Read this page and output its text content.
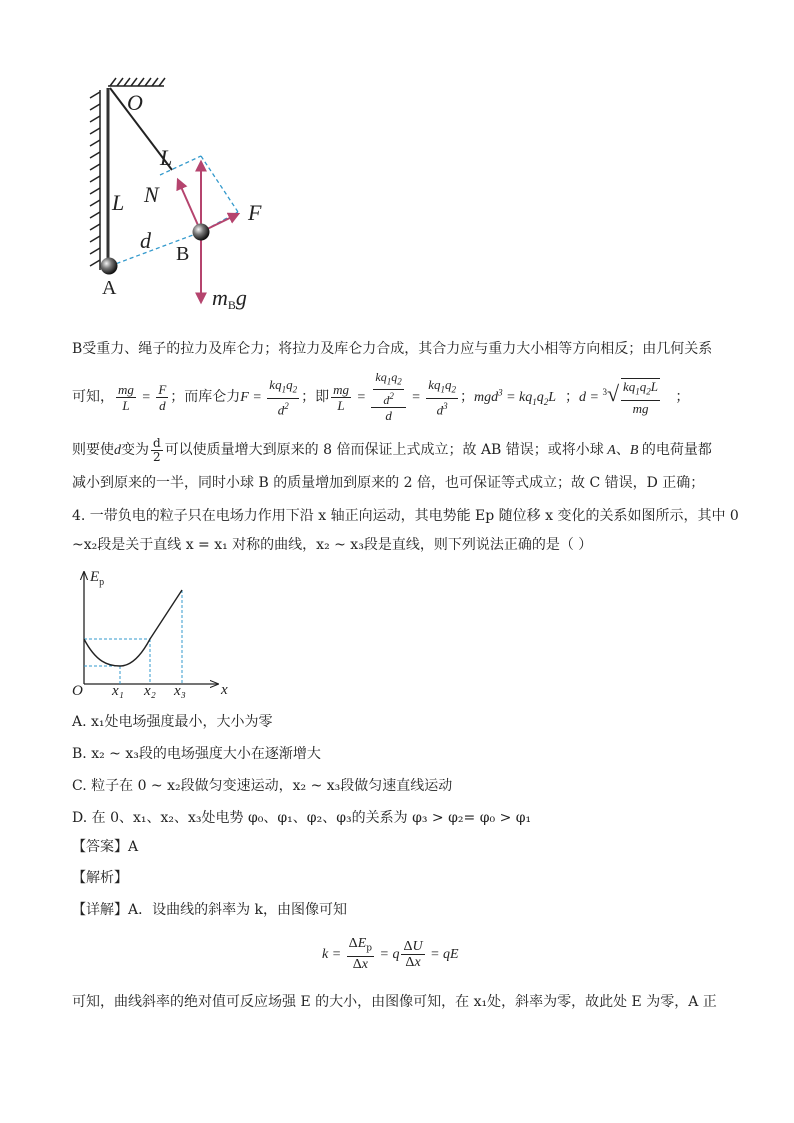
O
L
L
N
d
B
A
F
mBg
B受重力、绳子的拉力及库仑力；将拉力及库仑力合成，其合力应与重力大小相等方向相反；由几何关系
可知， $\frac{mg}{L} = \frac{F}{d}$ ；而库仑力$F = \frac{kq_1q_2}{d^2}$ ；即 $\frac{mg}{L} = \frac{\frac{kq_1q_2}{d^2}}{d} = \frac{kq_1q_2}{d^3}$ ；$mgd^3 = kq_1q_2L$ ；$d = ^3√ \frac{kq_1q_2L}{mg}$ ；
则要使d变为 $\frac{d}{2}$ 可以使质量增大到原来的 8 倍而保证上式成立；故 AB 错误；或将小球 A、B 的电荷量都
减小到原来的一半，同时小球 B 的质量增加到原来的 2 倍，也可保证等式成立；故 C 错误，D 正确；
4. 一带负电的粒子只在电场力作用下沿 x 轴正向运动，其电势能 Ep 随位移 x 变化的关系如图所示，其中 0
~x₂段是关于直线 x = x₁ 对称的曲线，x₂ ~ x₃段是直线，则下列说法正确的是（ ）
$E_p$
O x₁ x₂ x₃ x
A. x₁处电场强度最小，大小为零
B. x₂ ~ x₃段的电场强度大小在逐渐增大
C. 粒子在 0 ~ x₂段做匀变速运动，x₂ ~ x₃段做匀速直线运动
D. 在 0、x₁、x₂、x₃处电势 φ₀、φ₁、φ₂、φ₃的关系为 φ₃ > φ₂= φ₀ > φ₁
【答案】A
【解析】
【详解】A．设曲线的斜率为 k，由图像可知
$k = \frac{\Delta E_p}{\Delta x} = q \frac{\Delta U}{\Delta x}$ = qE
可知，曲线斜率的绝对值可反应场强 E 的大小，由图像可知，在 x₁处，斜率为零，故此处 E 为零，A 正
